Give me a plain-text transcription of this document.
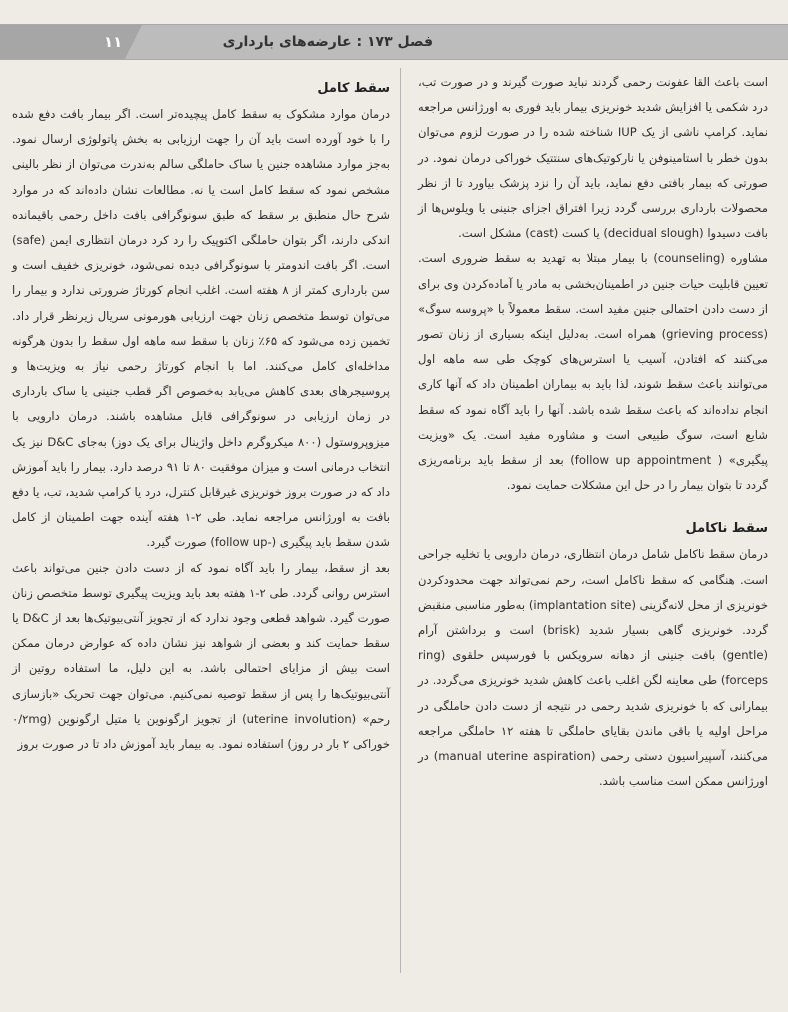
۱۱	فصل ۱۷۳ : عارضه‌های بارداری

است باعث القا عفونت رحمی گردند نباید صورت گیرند و در صورت تب، درد شکمی یا افزایش شدید خونریزی بیمار باید فوری به اورژانس مراجعه نماید. کرامپ ناشی از یک IUP شناخته شده را در صورت لزوم می‌توان بدون خطر با استامینوفن یا نارکوتیک‌های سنتتیک خوراکی درمان نمود. در صورتی که بیمار بافتی دفع نماید، باید آن را نزد پزشک بیاورد تا از نظر محصولات بارداری بررسی گردد زیرا افتراق اجزای جنینی یا ویلوس‌ها از بافت دسیدوا (decidual slough) یا کست (cast) مشکل است.

مشاوره (counseling) با بیمار مبتلا به تهدید به سقط ضروری است. تعیین قابلیت حیات جنین در اطمینان‌بخشی به مادر یا آماده‌کردن وی برای از دست دادن احتمالی جنین مفید است. سقط معمولاً با «پروسه سوگ» (grieving process) همراه است. به‌دلیل اینکه بسیاری از زنان تصور می‌کنند که افتادن، آسیب یا استرس‌های کوچک طی سه ماهه اول می‌توانند باعث سقط شوند، لذا باید به بیماران اطمینان داد که آنها کاری انجام نداده‌اند که باعث سقط شده باشد. آنها را باید آگاه نمود که سقط شایع است، سوگ طبیعی است و مشاوره مفید است. یک «ویزیت پیگیری» ( follow up appointment) بعد از سقط باید برنامه‌ریزی گردد تا بتوان بیمار را در حل این مشکلات حمایت نمود.

سقط ناکامل

درمان سقط ناکامل شامل درمان انتظاری، درمان دارویی یا تخلیه جراحی است. هنگامی که سقط ناکامل است، رحم نمی‌تواند جهت محدودکردن خونریزی از محل لانه‌گزینی (implantation site) به‌طور مناسبی منقبض گردد. خونریزی گاهی بسیار شدید (brisk) است و برداشتن آرام (gentle) بافت جنینی از دهانه سرویکس با فورسپس حلقوی (ring forceps) طی معاینه لگن اغلب باعث کاهش شدید خونریزی می‌گردد. در بیمارانی که با خونریزی شدید رحمی در نتیجه از دست دادن حاملگی در مراحل اولیه یا باقی ماندن بقایای حاملگی تا هفته ۱۲ حاملگی مراجعه می‌کنند، آسپیراسیون دستی رحمی (manual uterine aspiration) در اورژانس ممکن است مناسب باشد.

سقط کامل

درمان موارد مشکوک به سقط کامل پیچیده‌تر است. اگر بیمار بافت دفع شده را با خود آورده است باید آن را جهت ارزیابی به بخش پاتولوژی ارسال نمود. به‌جز موارد مشاهده جنین یا ساک حاملگی سالم به‌ندرت می‌توان از نظر بالینی مشخص نمود که سقط کامل است یا نه. مطالعات نشان داده‌اند که در موارد شرح حال منطبق بر سقط که طبق سونوگرافی بافت داخل رحمی باقیمانده اندکی دارند، اگر بتوان حاملگی اکتوپیک را رد کرد درمان انتظاری ایمن (safe) است. اگر بافت اندومتر با سونوگرافی دیده نمی‌شود، خونریزی خفیف است و سن بارداری کمتر از ۸ هفته است. اغلب انجام کورتاژ ضرورتی ندارد و بیمار را می‌توان توسط متخصص زنان جهت ارزیابی هورمونی سریال زیرنظر قرار داد. تخمین زده می‌شود که ۶۵٪ زنان با سقط سه ماهه اول سقط را بدون هرگونه مداخله‌ای کامل می‌کنند. اما با انجام کورتاژ رحمی نیاز به ویزیت‌ها و پروسیجرهای بعدی کاهش می‌یابد به‌خصوص اگر قطب جنینی یا ساک بارداری در زمان ارزیابی در سونوگرافی قابل مشاهده باشند. درمان دارویی با میزوپروستول (۸۰۰ میکروگرم داخل واژینال برای یک دوز) به‌جای D&C نیز یک انتخاب درمانی است و میزان موفقیت ۸۰ تا ۹۱ درصد دارد. بیمار را باید آموزش داد که در صورت بروز خونریزی غیرقابل کنترل، درد یا کرامپ شدید، تب، یا دفع بافت به اورژانس مراجعه نماید. طی ۲-۱ هفته آینده جهت اطمینان از کامل شدن سقط باید پیگیری (-follow up) صورت گیرد.

بعد از سقط، بیمار را باید آگاه نمود که از دست دادن جنین می‌تواند باعث استرس روانی گردد. طی ۲-۱ هفته بعد باید ویزیت پیگیری توسط متخصص زنان صورت گیرد. شواهد قطعی وجود ندارد که از تجویز آنتی‌بیوتیک‌ها بعد از D&C یا سقط حمایت کند و بعضی از شواهد نیز نشان داده که عوارض درمان ممکن است بیش از مزایای احتمالی باشد. به این دلیل، ما استفاده روتین از آنتی‌بیوتیک‌ها را پس از سقط توصیه نمی‌کنیم. می‌توان جهت تحریک «بازسازی رحم» (uterine involution) از تجویز ارگونوین یا متیل ارگونوین (۰/۲mg خوراکی ۲ بار در روز) استفاده نمود. به بیمار باید آموزش داد تا در صورت بروز
